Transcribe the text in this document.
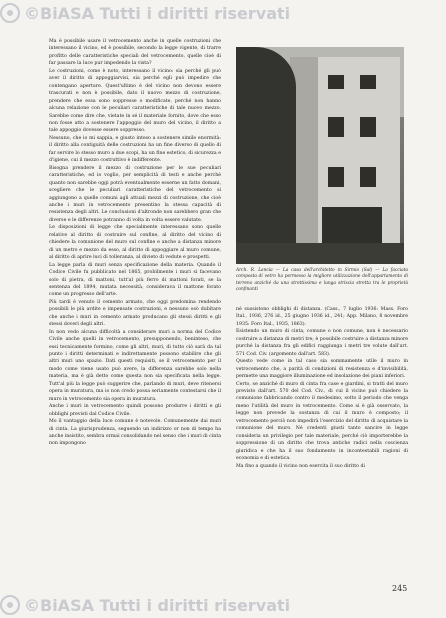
©BiASA Tutti i diritti riservati

Ma è possibile usare il vetrocemento anche in quelle costruzioni che interessano il vicino, ed è possibile, secondo la legge vigente, di trarre profitto delle caratteristiche speciali del vetrocemento, quelle cioè di far passare la luce pur impedendo la vista?

Le costruzioni, come è noto, interessano il vicino: sia perché gli può aver il diritto di appoggiarvisi, sia perché egli può impedire che contengano aperture. Quest'ultimo è del vicino non devono essere trascurati e non è possibile, dato il nuovo mezzo di costruzione, prendere che essa sono soppresse o modificate, perché non hanno alcuna relazione con le peculiari caratteristiche di tale nuovo mezzo. Sarebbe come dire che, vietate in sé il materiale fornito, dove che esso non fosse atto a sostenere l'appoggio del muro del vicino, il diritto a tale appoggio dovesse essere soppresso.

Nessuno, che io mi sappia, e giusto inteso a sostenere simile enormità: il diritto alla contiguità delle costruzioni ha un fine diverso di quello di far servire lo stesso muro a due scopi, ha un fine estetico, di sicurezza e d'igiene, cui il mezzo costruttivo è indifferente.

Bisogna prendere il mezzo di costruzione per le sue peculiari caratteristiche, ed io voglio, per semplicità di testi e anche perché quanto non sarebbe oggi potrà eventualmente esserne un fatto domani, scegliere che le peculiari caratteristiche del vetrocemento si aggiungono a quelle comuni agli attuali mezzi di costruzione, che cioè anche i muri in vetrocemento presentino la stessa capacità di resistenza degli altri. Le conclusioni d'altronde non sarebbero gran che diverse e le differenze potranno di volta in volta essere valutate.

Le disposizioni di legge che specialmente interessano sono quelle relative al diritto di costruire sul confine, al diritto del vicino di chiedere la comunione del muro sul confine e anche a distanza minore di un metro e mezzo da esso, al diritto di appoggiare al muro comune, al diritto di aprire luci di tolleranza, al divieto di vedute e prospetti.

La legge parla di muri senza specificazione della materia. Quando il Codice Civile fu pubblicato nel 1865, probilmente i muri si facevano solo di pietra, di mattoni, tutt'al più ferro di mattoni forati, se la sentenza del 1894, mutata necessità, considerava il mattone forato come un progresso dell'arte.

Più tardi è venuto il cemento armato, che oggi predomina rendendo possibili le più ardite e impensate costruzioni, e nessuno osò dubitare che anche i muri in cemento armato producano gli stessi diritti e gli stessi doveri degli altri.

In non vedo alcuna difficoltà a considerare muri a norma del Codice Civile anche quelli in vetrocemento, presupponendo, beninteso, che essi tecnicamente formino, come gli altri, muri, di tutto ciò sarà da tal punto i diritti determinati e indirettamente possono stabilire che gli altri muri uno spazio. Dati questi requisiti, se il vetrocemento per il modo come viene usato può avere, la differenza sarebbe solo nella materia, ma è già detto come questa non sia specificata nella legge. Tutt'al più la legge può suggerire che, parlando di muri, deve ritenersi opera in muratura, ma io non credo possa seriamente contestarsi che il muro in vetrocemento sia opera in muratura.

Anche i muri in vetrocemento quindi possono produrre i diritti e gli obblighi previsti dal Codice Civile.

Mo il vantaggio della luce comune è notevole. Comunemente dai muri di cinta. La giurisprudenza, seguendo un indirizzo or non di tempo ha anche insistito, sembra ormai consolidando nel senso che i muri di cinta non impongono

Arch. R. Lancia — La casa dell'architetto in Sirmio (Sal) — La facciata composta di vetro ha permesso la migliore utilizzazione dell'appartamento di terreno anziché da una strettissima e lunga striscia stretta tra le proprietà confinanti

né sussistono obblighi di distanza. (Cass., 7 luglio 1936: Mass. Foro Ital., 1936, 276 id., 25 giugno 1936 id., 241; App. Milano, 8 novembre 1935: Foro Ital., 1935, 1863).

Esistendo un muro di cinta, comune o non comune, non è necessario costruire a distanza di metri tre; è possibile costruire a distanza minore purché la distanza fra gli edifici raggiunga i metri tre volute dall'art. 571 Cod. Civ. (argomento dall'art. 583).

Questo vede come in tal caso sia sommamente utile il muro in vetrocemento che, a parità di condizioni di resistenza e d'invisibilità, permette una maggiore illuminazione ed insolazione dei piani inferiori.

Certo, se anziché di muro di cinta fra case e giardini, si tratti del muro previsto dall'art. 570 del Cod. Civ., di cui il vicino può chiedere la comunione fabbricando contro il medesimo, sotto il periodo che venga meno l'utilità del muro in vetrocemento. Come si è già osservato, la legge non prevede la sostanza di cui il muro è composto; il vetrocemento perciò non impedirà l'esercizio del diritto di acquistare la comunione del muro. Né credenti giusti tanto sancire in legge consideria un privilegio per tale materiale, perché ciò importerebbe la soppressione di un diritto che trova antiche radici nella coscienza giuridica e che ha il suo fondamento in incontestabili ragioni di economia e di estetica.

Ma fino a quando il vicino non esercita il suo diritto di

245
©BiASA Tutti i diritti riservati
